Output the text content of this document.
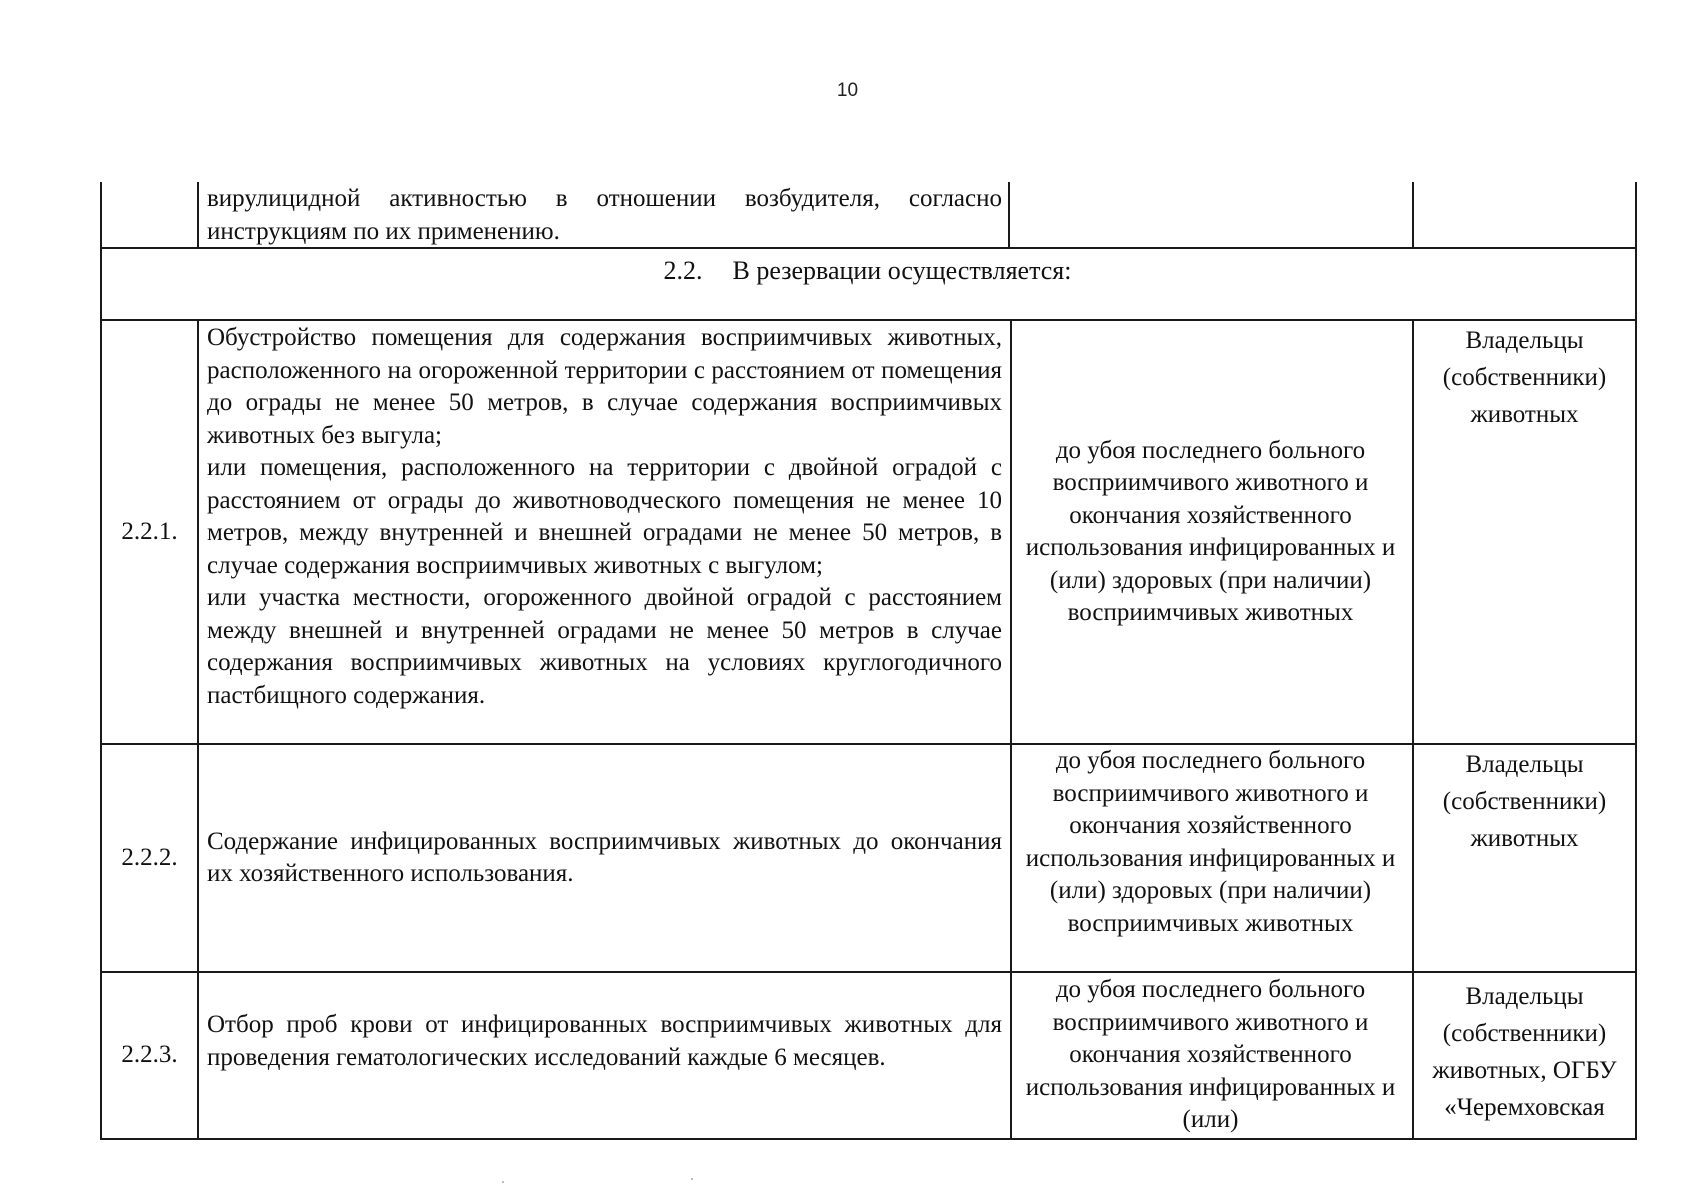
10
вирулицидной активностью в отношении возбудителя, согласно инструкциям по их применению.
2.2. В резервации осуществляется:
2.2.1.

Обустройство помещения для содержания восприимчивых животных, расположенного на огороженной территории с расстоянием от помещения до ограды не менее 50 метров, в случае содержания восприимчивых животных без выгула;

или помещения, расположенного на территории с двойной оградой с расстоянием от ограды до животноводческого помещения не менее 10 метров, между внутренней и внешней оградами не менее 50 метров, в случае содержания восприимчивых животных с выгулом;

или участка местности, огороженного двойной оградой с расстоянием между внешней и внутренней оградами не менее 50 метров в случае содержания восприимчивых животных на условиях круглогодичного пастбищного содержания.

до убоя последнего больного восприимчивого животного и окончания хозяйственного использования инфицированных и (или) здоровых (при наличии) восприимчивых животных
Владельцы (собственники) животных
2.2.2.

Содержание инфицированных восприимчивых животных до окончания их хозяйственного использования.

до убоя последнего больного восприимчивого животного и окончания хозяйственного использования инфицированных и (или) здоровых (при наличии) восприимчивых животных
Владельцы (собственники) животных
2.2.3.

Отбор проб крови от инфицированных восприимчивых животных для проведения гематологических исследований каждые 6 месяцев.

до убоя последнего больного восприимчивого животного и окончания хозяйственного использования инфицированных и (или)
Владельцы (собственники) животных, ОГБУ «Черемховская
